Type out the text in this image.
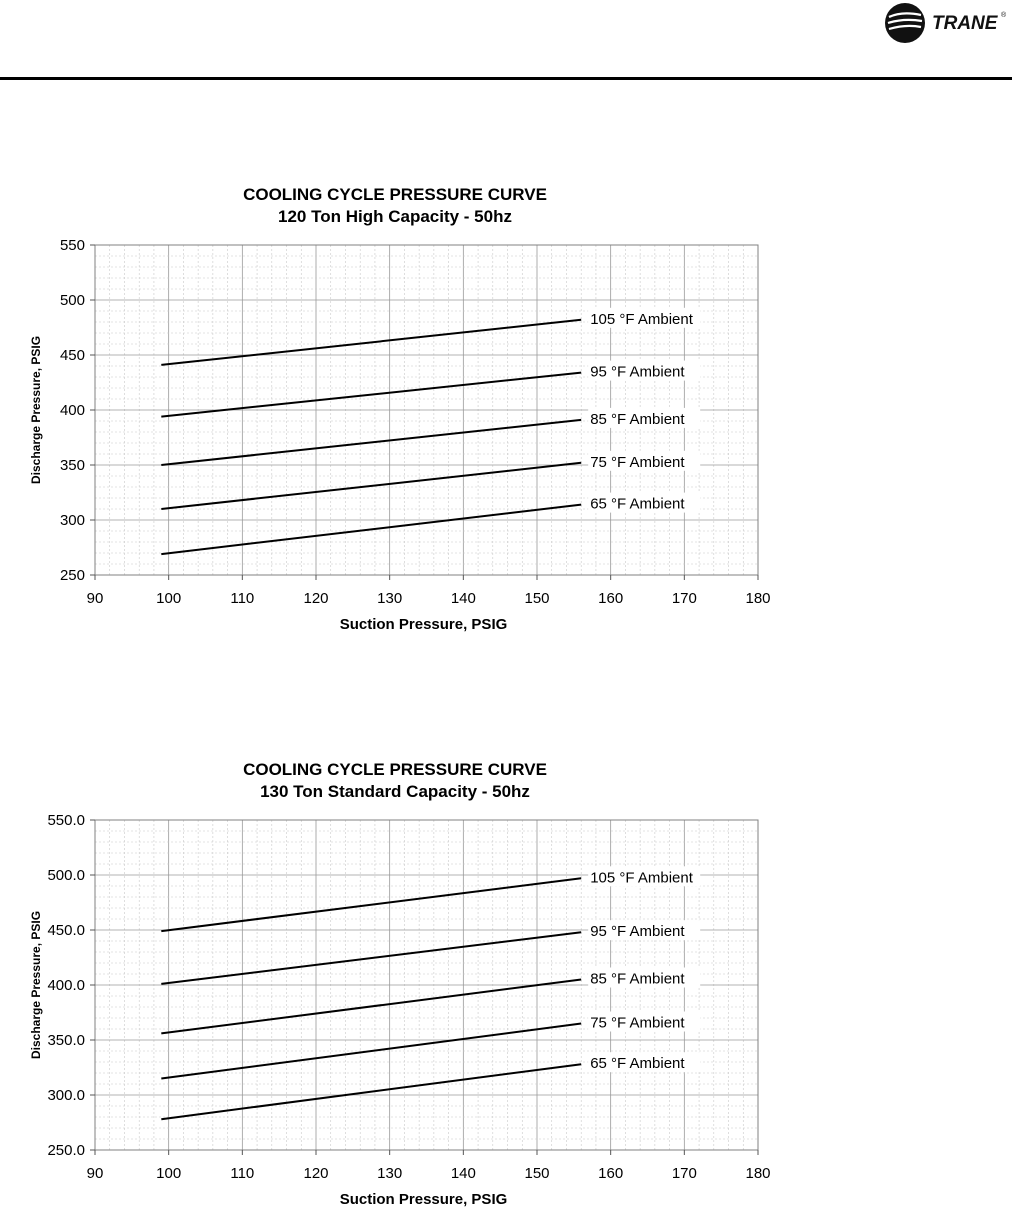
TRANE ®
COOLING CYCLE PRESSURE CURVE
120 Ton High Capacity - 50hz
90	100	110	120	130	140	150	160	170	180
250
300
350
400
450
500
550
Suction Pressure, PSIG
Discharge Pressure, PSIG
105 °F Ambient
95 °F Ambient
85 °F Ambient
75 °F Ambient
65 °F Ambient
COOLING CYCLE PRESSURE CURVE
130 Ton Standard Capacity - 50hz
90	100	110	120	130	140	150	160	170	180
250.0
300.0
350.0
400.0
450.0
500.0
550.0
Suction Pressure, PSIG
Discharge Pressure, PSIG
105 °F Ambient
95 °F Ambient
85 °F Ambient
75 °F Ambient
65 °F Ambient
